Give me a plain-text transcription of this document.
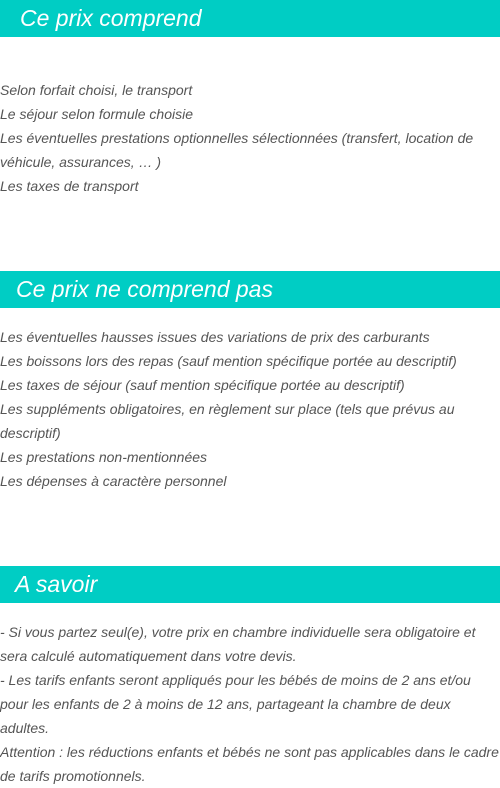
Ce prix comprend
Selon forfait choisi, le transport
Le séjour selon formule choisie
Les éventuelles prestations optionnelles sélectionnées (transfert, location de véhicule, assurances, … )
Les taxes de transport
Ce prix ne comprend pas
Les éventuelles hausses issues des variations de prix des carburants
Les boissons lors des repas (sauf mention spécifique portée au descriptif)
Les taxes de séjour (sauf mention spécifique portée au descriptif)
Les suppléments obligatoires, en règlement sur place (tels que prévus au descriptif)
Les prestations non-mentionnées
Les dépenses à caractère personnel
A savoir
- Si vous partez seul(e), votre prix en chambre individuelle sera obligatoire et sera calculé automatiquement dans votre devis.
- Les tarifs enfants seront appliqués pour les bébés de moins de 2 ans et/ou pour les enfants de 2 à moins de 12 ans, partageant la chambre de deux adultes.
Attention : les réductions enfants et bébés ne sont pas applicables dans le cadre de tarifs promotionnels.
